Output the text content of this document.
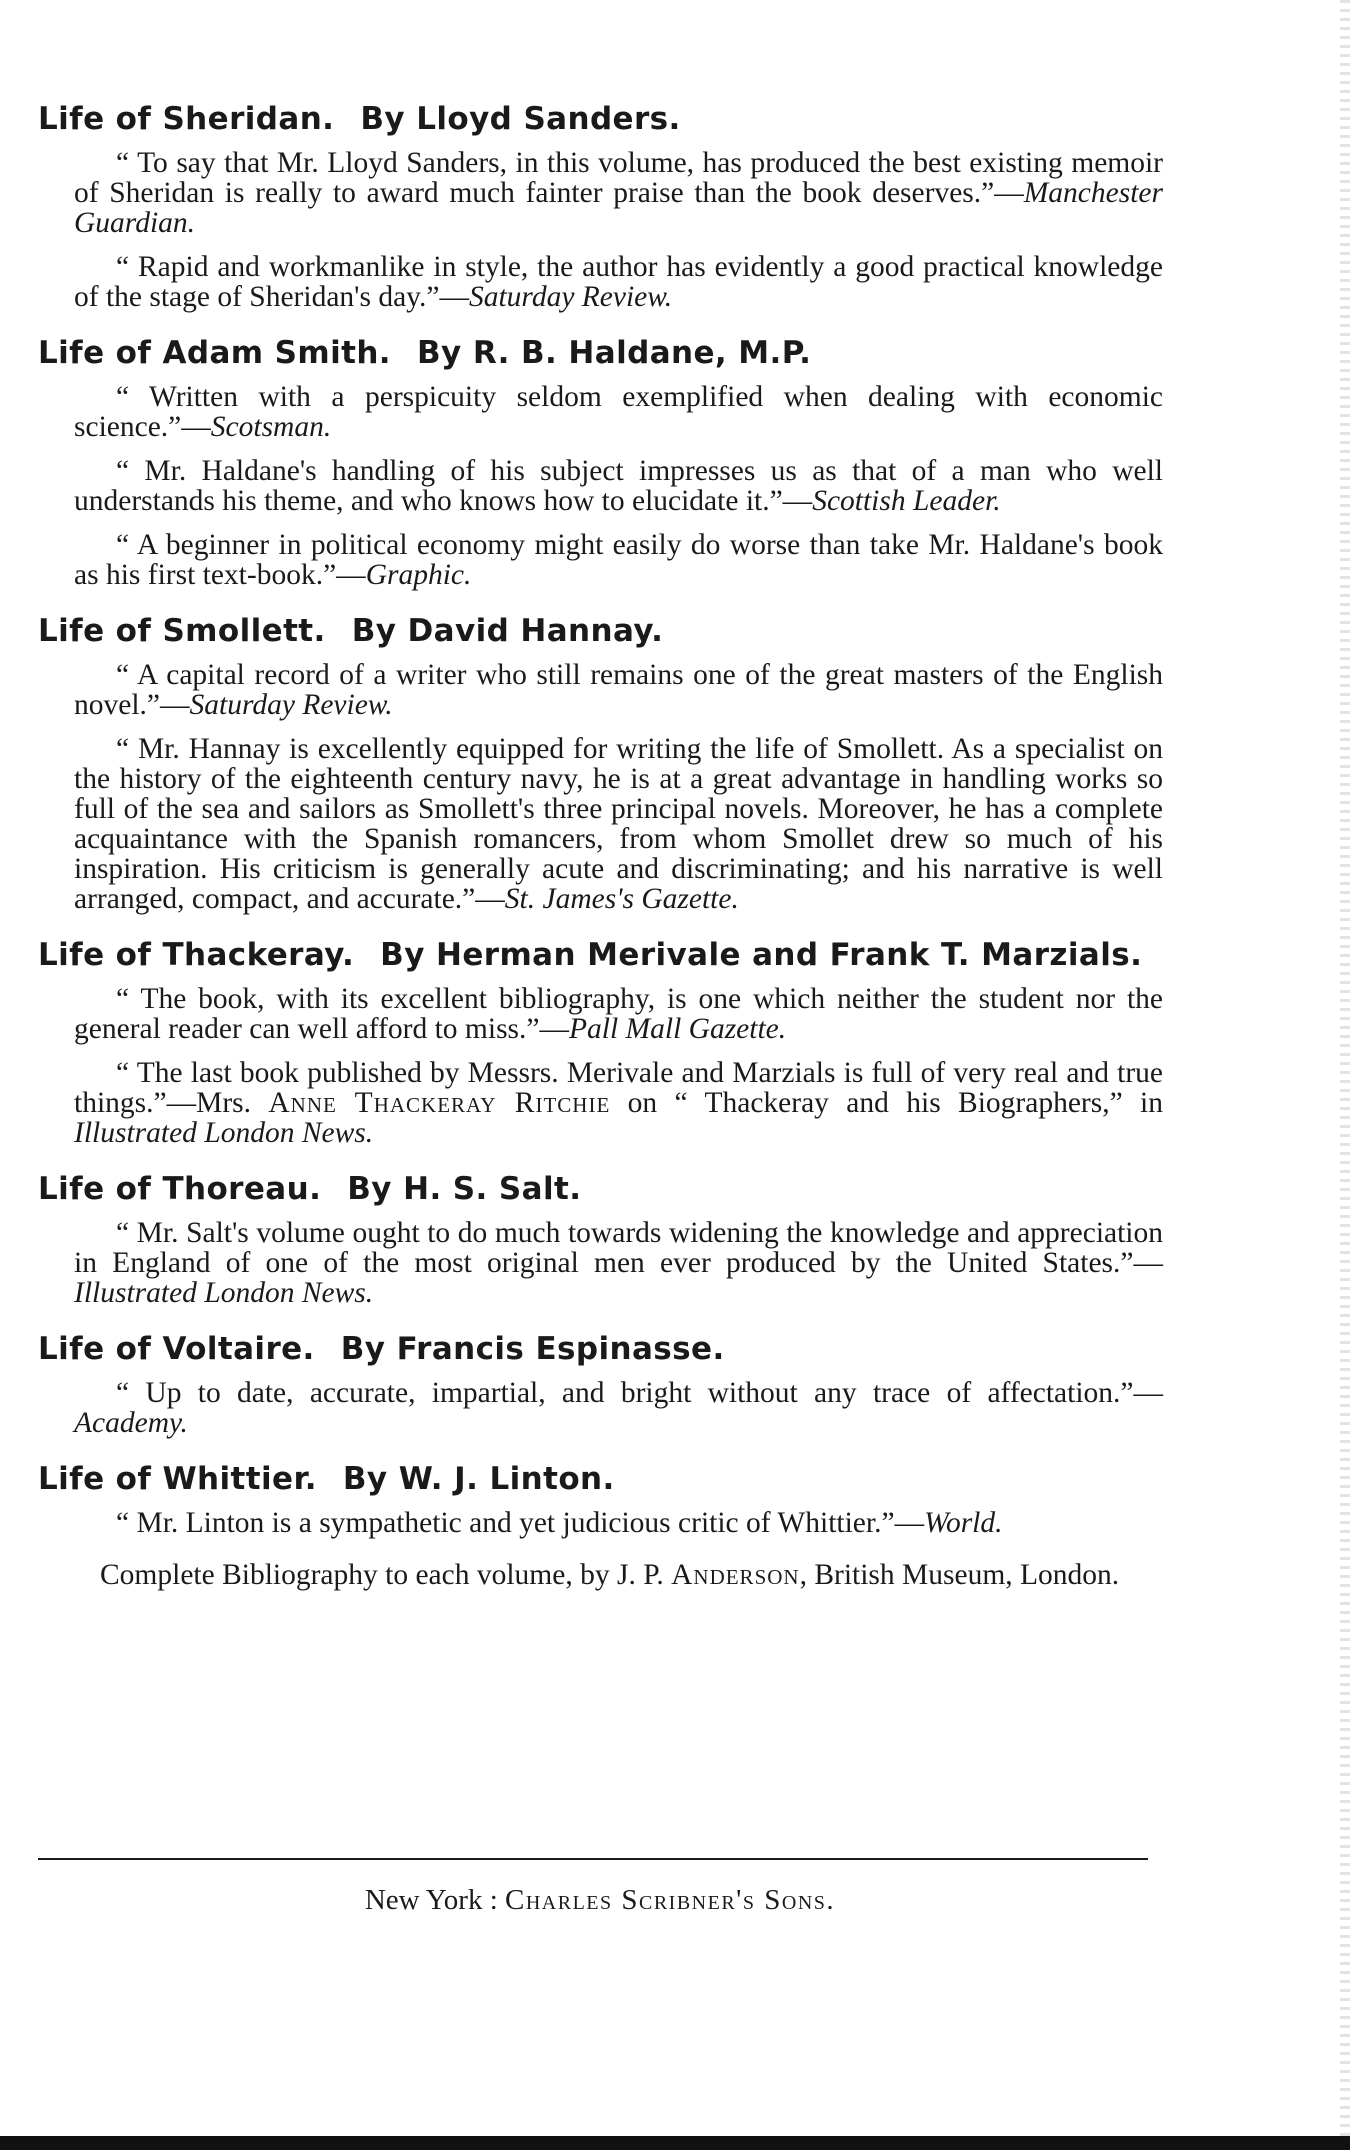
Life of Sheridan. By Lloyd Sanders.

“ To say that Mr. Lloyd Sanders, in this volume, has produced the best existing memoir of Sheridan is really to award much fainter praise than the book deserves.”—Manchester Guardian.

“ Rapid and workmanlike in style, the author has evidently a good practical knowledge of the stage of Sheridan's day.”—Saturday Review.

Life of Adam Smith. By R. B. Haldane, M.P.

“ Written with a perspicuity seldom exemplified when dealing with economic science.”—Scotsman.

“ Mr. Haldane's handling of his subject impresses us as that of a man who well understands his theme, and who knows how to elucidate it.”—Scottish Leader.

“ A beginner in political economy might easily do worse than take Mr. Haldane's book as his first text-book.”—Graphic.

Life of Smollett. By David Hannay.

“ A capital record of a writer who still remains one of the great masters of the English novel.”—Saturday Review.

“ Mr. Hannay is excellently equipped for writing the life of Smollett. As a specialist on the history of the eighteenth century navy, he is at a great advantage in handling works so full of the sea and sailors as Smollett's three principal novels. Moreover, he has a complete acquaintance with the Spanish romancers, from whom Smollet drew so much of his inspiration. His criticism is generally acute and discriminating; and his narrative is well arranged, compact, and accurate.”—St. James's Gazette.

Life of Thackeray. By Herman Merivale and Frank T. Marzials.

“ The book, with its excellent bibliography, is one which neither the student nor the general reader can well afford to miss.”—Pall Mall Gazette.

“ The last book published by Messrs. Merivale and Marzials is full of very real and true things.”—Mrs. Anne Thackeray Ritchie on “ Thackeray and his Biographers,” in Illustrated London News.

Life of Thoreau. By H. S. Salt.

“ Mr. Salt's volume ought to do much towards widening the knowledge and appreciation in England of one of the most original men ever produced by the United States.”—Illustrated London News.

Life of Voltaire. By Francis Espinasse.

“ Up to date, accurate, impartial, and bright without any trace of affectation.”—Academy.

Life of Whittier. By W. J. Linton.

“ Mr. Linton is a sympathetic and yet judicious critic of Whittier.”—World.

Complete Bibliography to each volume, by J. P. Anderson, British Museum, London.

New York : Charles Scribner's Sons.
